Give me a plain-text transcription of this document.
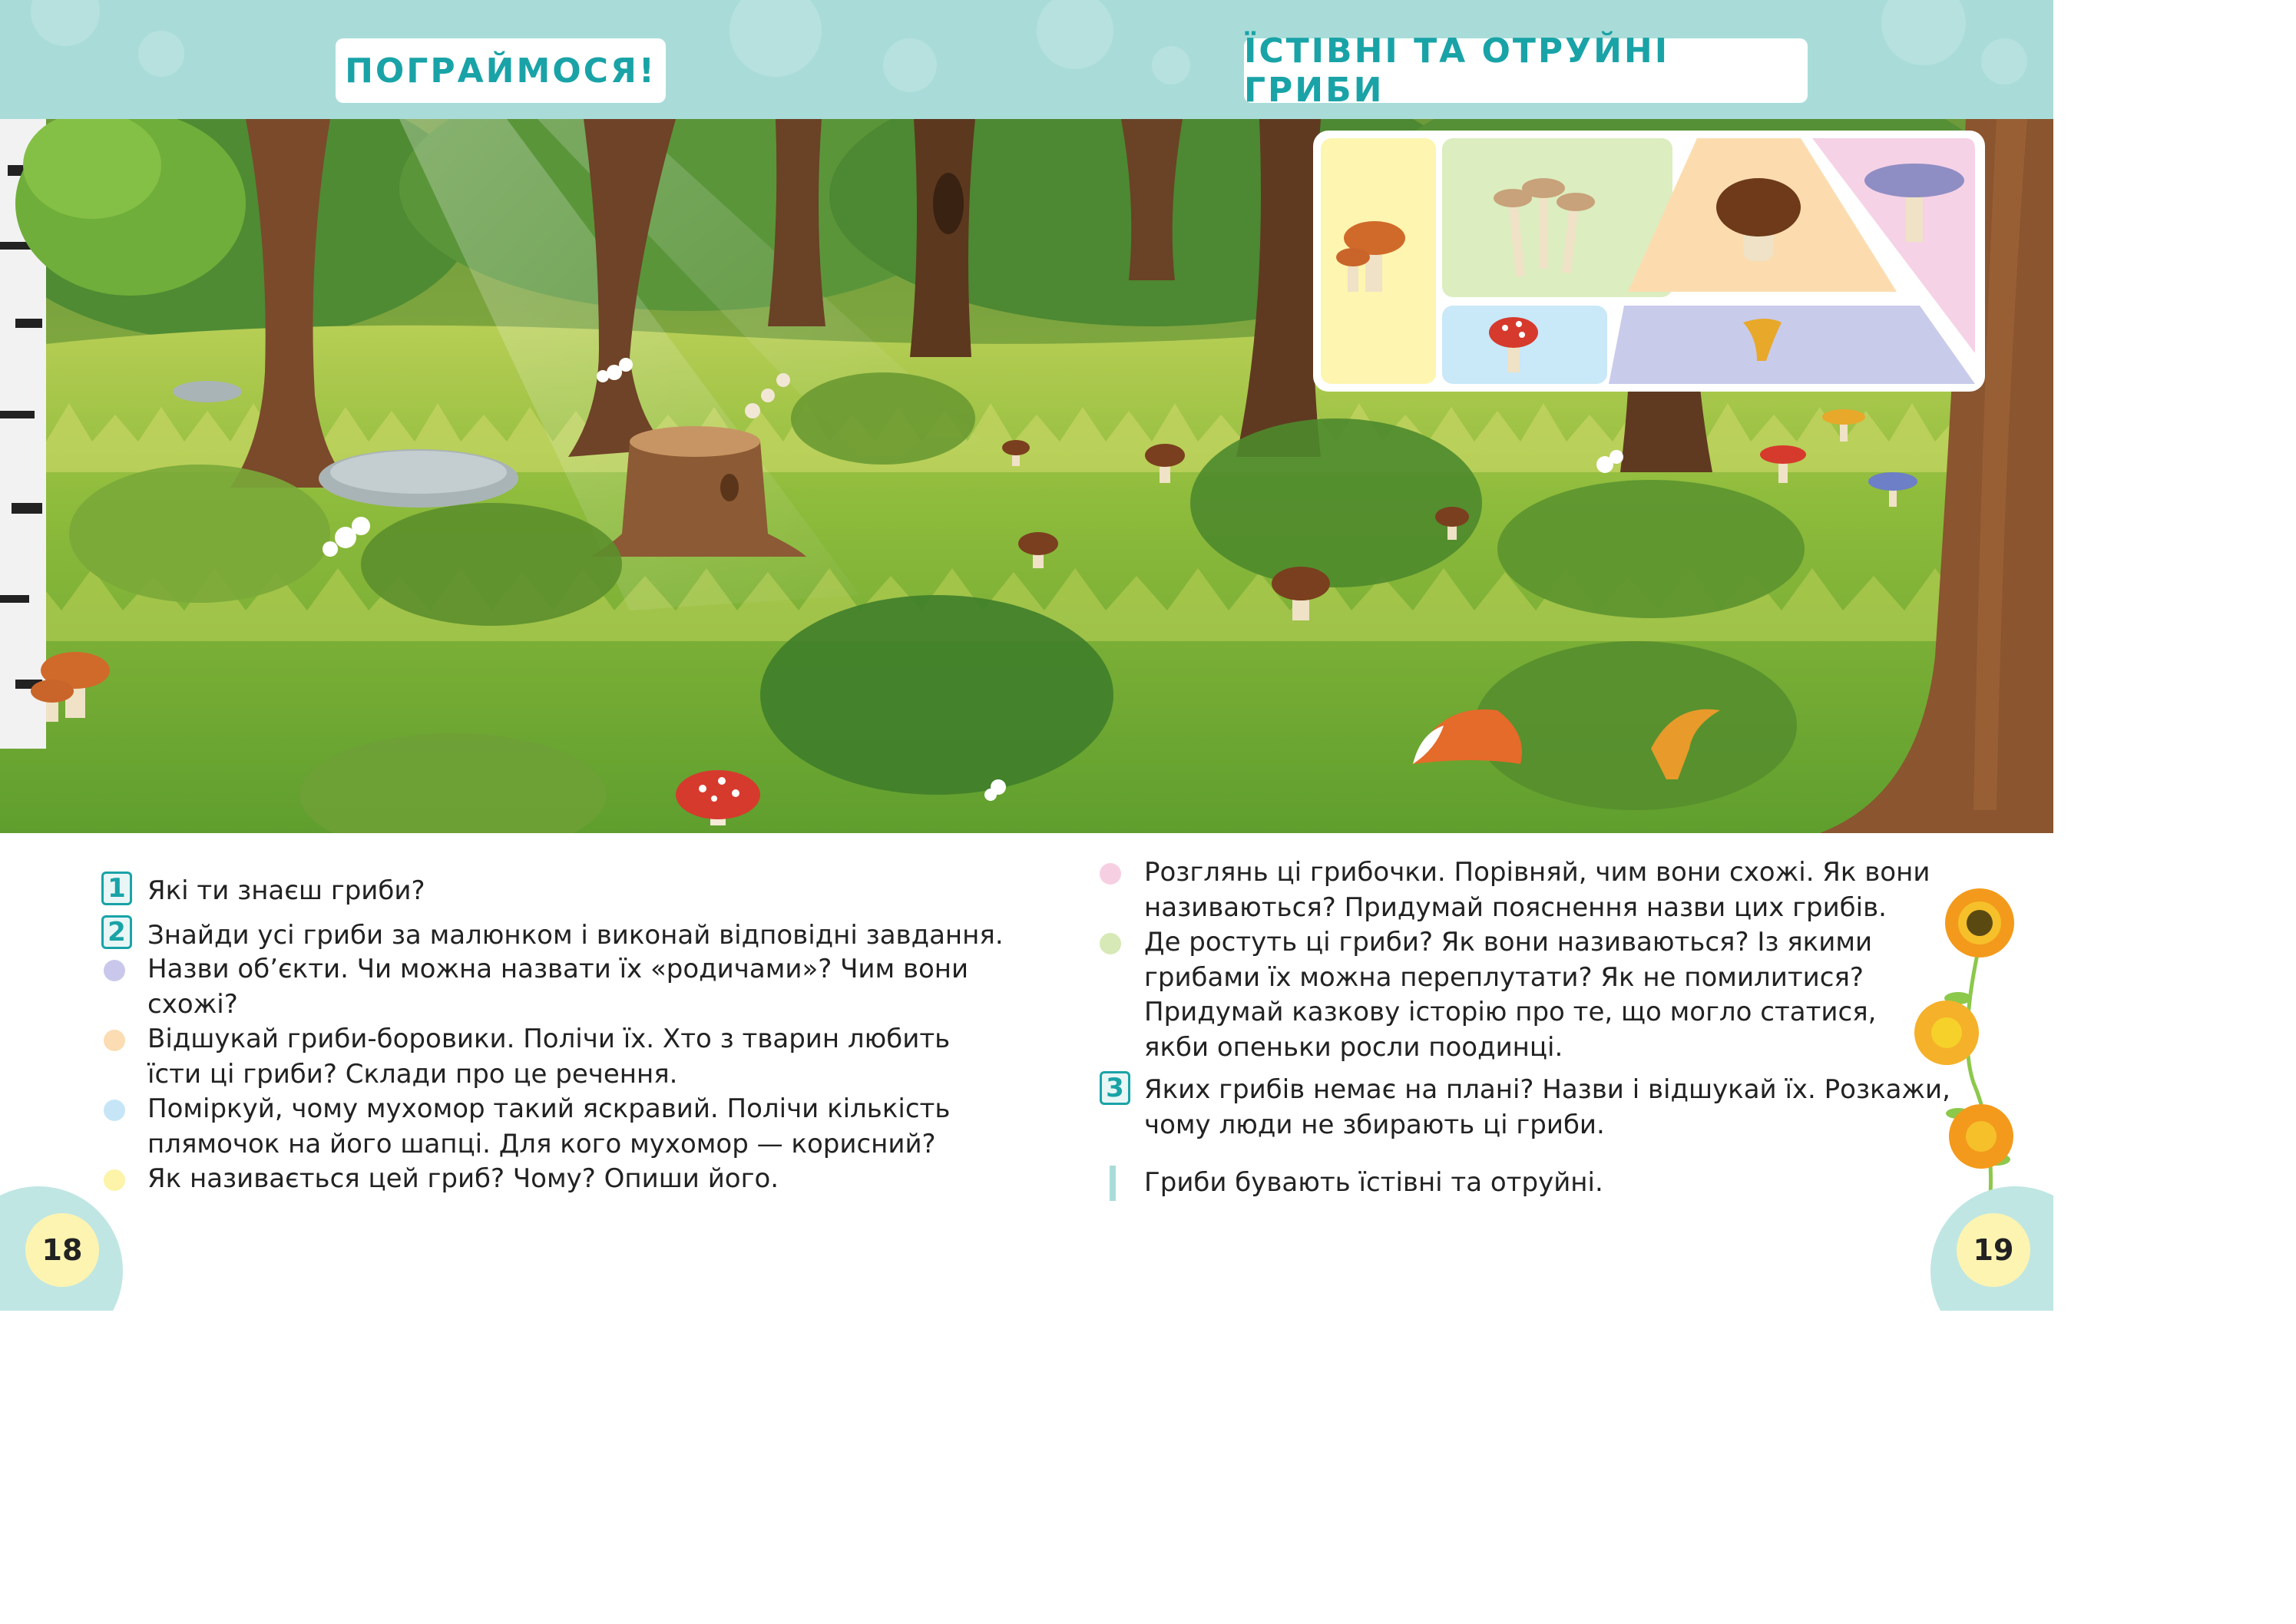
ПОГРАЙМОСЯ!	ЇСТІВНІ ТА ОТРУЙНІ ГРИБИ
1 Які ти знаєш гриби?
2 Знайди усі гриби за малюнком і виконай відповідні завдання.
Назви об’єкти. Чи можна назвати їх «родичами»? Чим вони
схожі?
Відшукай гриби-боровики. Полічи їх. Хто з тварин любить
їсти ці гриби? Склади про це речення.
Поміркуй, чому мухомор такий яскравий. Полічи кількість
плямочок на його шапці. Для кого мухомор — корисний?
Як називається цей гриб? Чому? Опиши його.
Розглянь ці грибочки. Порівняй, чим вони схожі. Як вони
називаються? Придумай пояснення назви цих грибів.
Де ростуть ці гриби? Як вони називаються? Із якими
грибами їх можна переплутати? Як не помилитися?
Придумай казкову історію про те, що могло статися,
якби опеньки росли поодинці.
3 Яких грибів немає на плані? Назви і відшукай їх. Розкажи,
чому люди не збирають ці гриби.
Гриби бувають їстівні та отруйні.
18	19
